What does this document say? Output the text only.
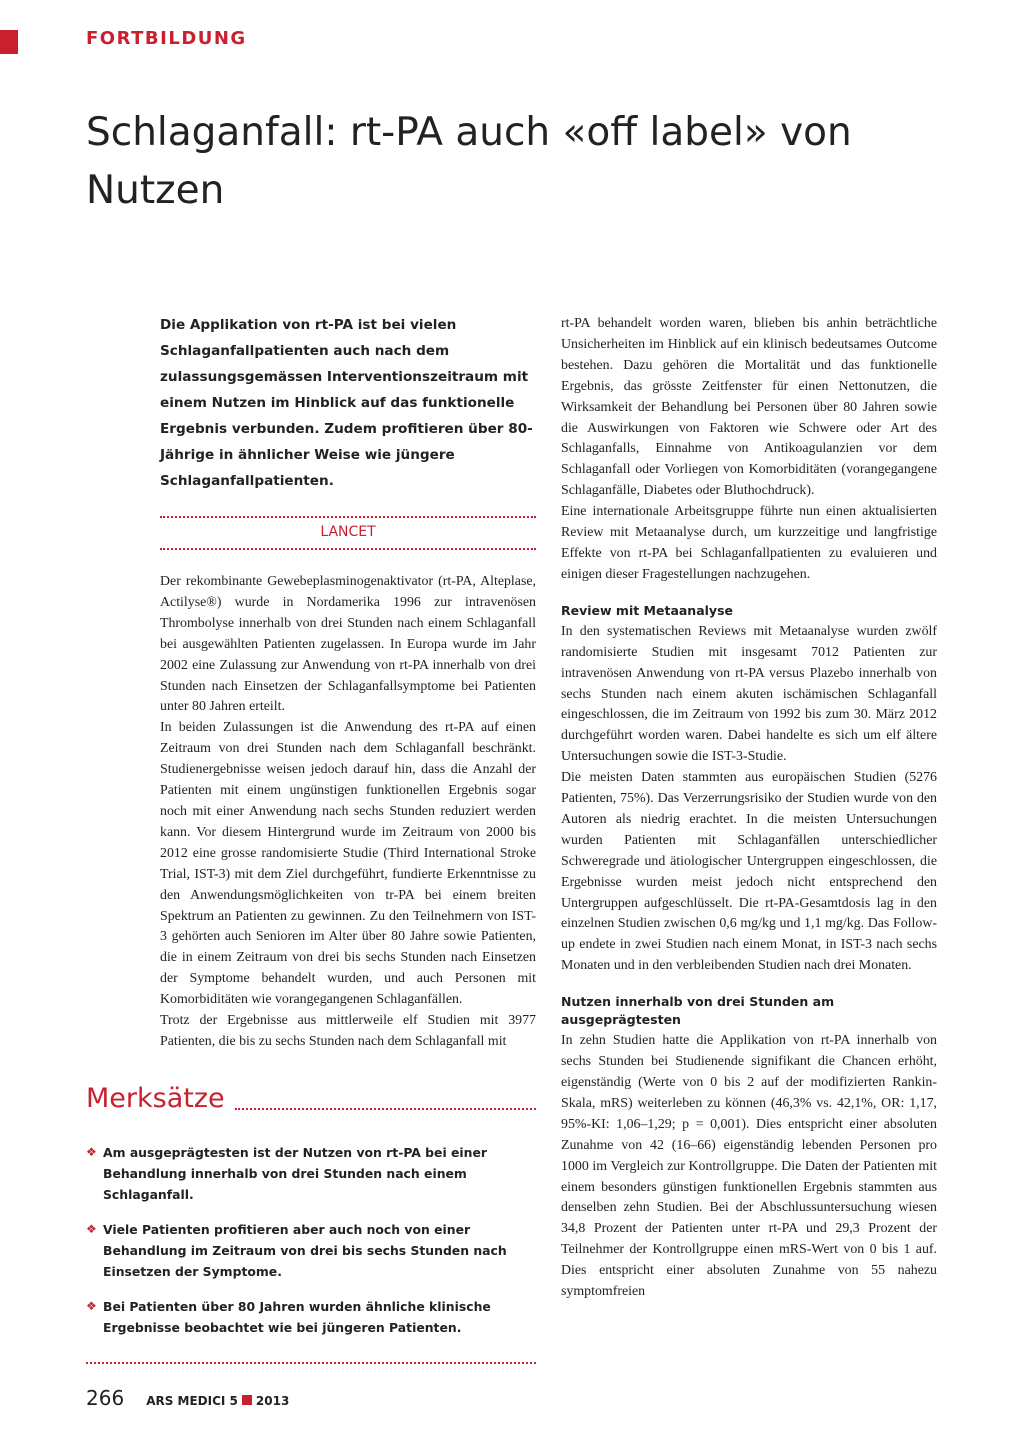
FORTBILDUNG

Schlaganfall: rt-PA auch «off label» von Nutzen

Die Applikation von rt-PA ist bei vielen Schlaganfallpatienten auch nach dem zulassungsgemässen Interventionszeitraum mit einem Nutzen im Hinblick auf das funktionelle Ergebnis verbunden. Zudem profitieren über 80-Jährige in ähnlicher Weise wie jüngere Schlaganfallpatienten.

LANCET

Der rekombinante Gewebeplasminogenaktivator (rt-PA, Alteplase, Actilyse®) wurde in Nordamerika 1996 zur intravenösen Thrombolyse innerhalb von drei Stunden nach einem Schlaganfall bei ausgewählten Patienten zugelassen. In Europa wurde im Jahr 2002 eine Zulassung zur Anwendung von rt-PA innerhalb von drei Stunden nach Einsetzen der Schlaganfallsymptome bei Patienten unter 80 Jahren erteilt.

In beiden Zulassungen ist die Anwendung des rt-PA auf einen Zeitraum von drei Stunden nach dem Schlaganfall beschränkt. Studienergebnisse weisen jedoch darauf hin, dass die Anzahl der Patienten mit einem ungünstigen funktionellen Ergebnis sogar noch mit einer Anwendung nach sechs Stunden reduziert werden kann. Vor diesem Hintergrund wurde im Zeitraum von 2000 bis 2012 eine grosse randomisierte Studie (Third International Stroke Trial, IST-3) mit dem Ziel durchgeführt, fundierte Erkenntnisse zu den Anwendungsmöglichkeiten von tr-PA bei einem breiten Spektrum an Patienten zu gewinnen. Zu den Teilnehmern von IST-3 gehörten auch Senioren im Alter über 80 Jahre sowie Patienten, die in einem Zeitraum von drei bis sechs Stunden nach Einsetzen der Symptome behandelt wurden, und auch Personen mit Komorbiditäten wie vorangegangenen Schlaganfällen.

Trotz der Ergebnisse aus mittlerweile elf Studien mit 3977 Patienten, die bis zu sechs Stunden nach dem Schlaganfall mit

Merksätze
❖ Am ausgeprägtesten ist der Nutzen von rt-PA bei einer Behandlung innerhalb von drei Stunden nach einem Schlaganfall.
❖ Viele Patienten profitieren aber auch noch von einer Behandlung im Zeitraum von drei bis sechs Stunden nach Einsetzen der Symptome.
❖ Bei Patienten über 80 Jahren wurden ähnliche klinische Ergebnisse beobachtet wie bei jüngeren Patienten.

rt-PA behandelt worden waren, blieben bis anhin beträchtliche Unsicherheiten im Hinblick auf ein klinisch bedeutsames Outcome bestehen. Dazu gehören die Mortalität und das funktionelle Ergebnis, das grösste Zeitfenster für einen Nettonutzen, die Wirksamkeit der Behandlung bei Personen über 80 Jahren sowie die Auswirkungen von Faktoren wie Schwere oder Art des Schlaganfalls, Einnahme von Antikoagulanzien vor dem Schlaganfall oder Vorliegen von Komorbiditäten (vorangegangene Schlaganfälle, Diabetes oder Bluthochdruck).

Eine internationale Arbeitsgruppe führte nun einen aktualisierten Review mit Metaanalyse durch, um kurzzeitige und langfristige Effekte von rt-PA bei Schlaganfallpatienten zu evaluieren und einigen dieser Fragestellungen nachzugehen.

Review mit Metaanalyse

In den systematischen Reviews mit Metaanalyse wurden zwölf randomisierte Studien mit insgesamt 7012 Patienten zur intravenösen Anwendung von rt-PA versus Plazebo innerhalb von sechs Stunden nach einem akuten ischämischen Schlaganfall eingeschlossen, die im Zeitraum von 1992 bis zum 30. März 2012 durchgeführt worden waren. Dabei handelte es sich um elf ältere Untersuchungen sowie die IST-3-Studie.

Die meisten Daten stammten aus europäischen Studien (5276 Patienten, 75%). Das Verzerrungsrisiko der Studien wurde von den Autoren als niedrig erachtet. In die meisten Untersuchungen wurden Patienten mit Schlaganfällen unterschiedlicher Schweregrade und ätiologischer Untergruppen eingeschlossen, die Ergebnisse wurden meist jedoch nicht entsprechend den Untergruppen aufgeschlüsselt. Die rt-PA-Gesamtdosis lag in den einzelnen Studien zwischen 0,6 mg/kg und 1,1 mg/kg. Das Follow-up endete in zwei Studien nach einem Monat, in IST-3 nach sechs Monaten und in den verbleibenden Studien nach drei Monaten.

Nutzen innerhalb von drei Stunden am ausgeprägtesten

In zehn Studien hatte die Applikation von rt-PA innerhalb von sechs Stunden bei Studienende signifikant die Chancen erhöht, eigenständig (Werte von 0 bis 2 auf der modifizierten Rankin-Skala, mRS) weiterleben zu können (46,3% vs. 42,1%, OR: 1,17, 95%-KI: 1,06–1,29; p = 0,001). Dies entspricht einer absoluten Zunahme von 42 (16–66) eigenständig lebenden Personen pro 1000 im Vergleich zur Kontrollgruppe. Die Daten der Patienten mit einem besonders günstigen funktionellen Ergebnis stammten aus denselben zehn Studien. Bei der Abschlussuntersuchung wiesen 34,8 Prozent der Patienten unter rt-PA und 29,3 Prozent der Teilnehmer der Kontrollgruppe einen mRS-Wert von 0 bis 1 auf. Dies entspricht einer absoluten Zunahme von 55 nahezu symptomfreien

266 ARS MEDICI 5 2013
